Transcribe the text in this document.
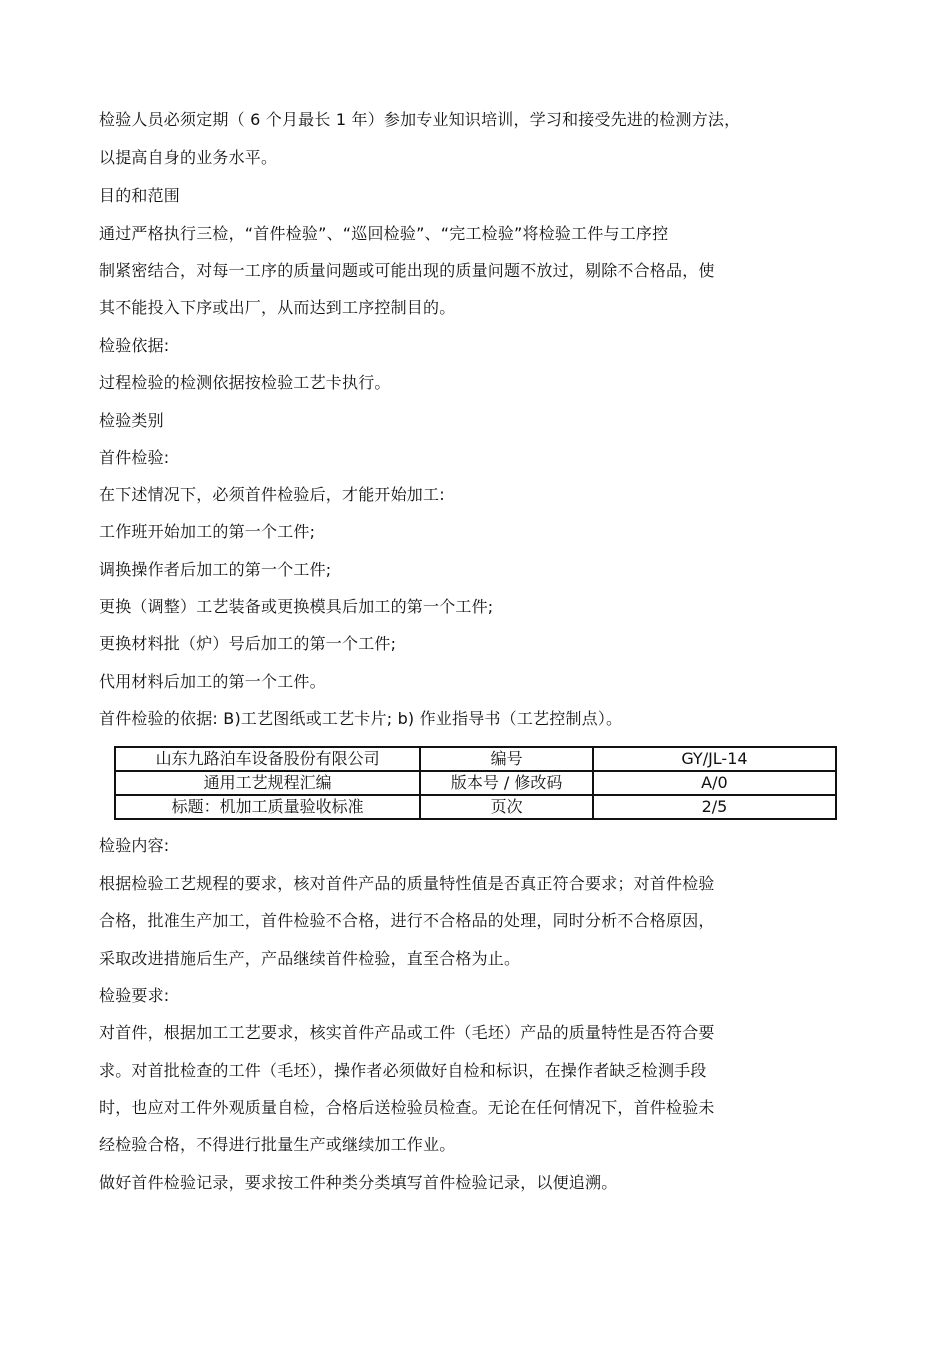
检验人员必须定期（ 6 个月最长 1 年）参加专业知识培训，学习和接受先进的检测方法，
以提高自身的业务水平。
目的和范围
通过严格执行三检，“首件检验”、“巡回检验”、“完工检验”将检验工件与工序控
制紧密结合，对每一工序的质量问题或可能出现的质量问题不放过，剔除不合格品，使
其不能投入下序或出厂，从而达到工序控制目的。
检验依据:
过程检验的检测依据按检验工艺卡执行。
检验类别
首件检验:
在下述情况下，必须首件检验后，才能开始加工:
工作班开始加工的第一个工件;
调换操作者后加工的第一个工件;
更换（调整）工艺装备或更换模具后加工的第一个工件;
更换材料批（炉）号后加工的第一个工件;
代用材料后加工的第一个工件。
首件检验的依据: B)工艺图纸或工艺卡片; b) 作业指导书（工艺控制点）。
山东九路泊车设备股份有限公司	编号	GY/JL-14
通用工艺规程汇编	版本号 / 修改码	A/0
标题：机加工质量验收标准	页次	2/5
检验内容:
根据检验工艺规程的要求，核对首件产品的质量特性值是否真正符合要求；对首件检验
合格，批准生产加工，首件检验不合格，进行不合格品的处理，同时分析不合格原因，
采取改进措施后生产，产品继续首件检验，直至合格为止。
检验要求:
对首件，根据加工工艺要求，核实首件产品或工件（毛坯）产品的质量特性是否符合要
求。对首批检查的工件（毛坯），操作者必须做好自检和标识，在操作者缺乏检测手段
时，也应对工件外观质量自检，合格后送检验员检查。无论在任何情况下，首件检验未
经检验合格，不得进行批量生产或继续加工作业。
做好首件检验记录，要求按工件种类分类填写首件检验记录，以便追溯。
